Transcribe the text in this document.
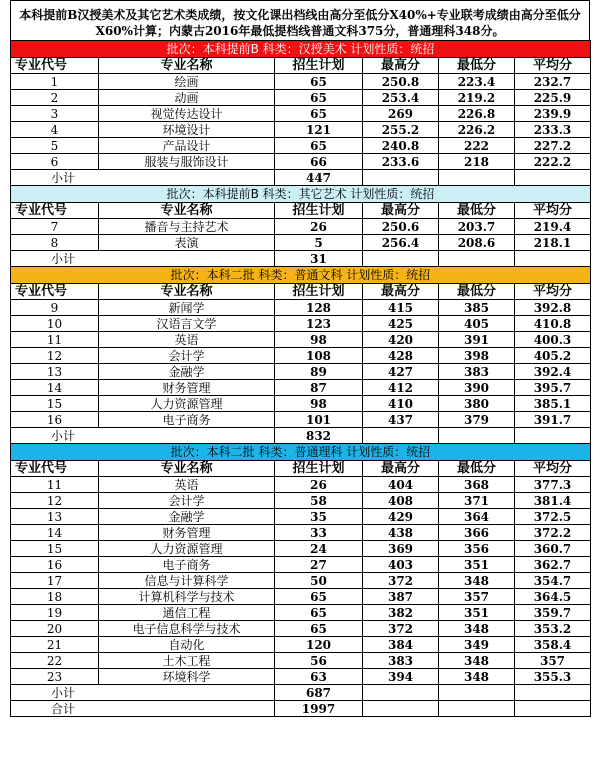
本科提前B汉授美术及其它艺术类成绩，按文化课出档线由高分至低分X40%+专业联考成绩由高分至低分X60%计算；内蒙古2016年最低提档线普通文科375分，普通理科348分。
批次：本科提前B 科类：汉授美术 计划性质：统招					
专业代号	专业名称	招生计划	最高分	最低分	平均分
1	绘画	65	250.8	223.4	232.7
2	动画	65	253.4	219.2	225.9
3	视觉传达设计	65	269	226.8	239.9
4	环境设计	121	255.2	226.2	233.3
5	产品设计	65	240.8	222	227.2
6	服装与服饰设计	66	233.6	218	222.2
小计		447			
批次：本科提前B 科类：其它艺术 计划性质：统招					
专业代号	专业名称	招生计划	最高分	最低分	平均分
7	播音与主持艺术	26	250.6	203.7	219.4
8	表演	5	256.4	208.6	218.1
小计		31			
批次：本科二批 科类：普通文科 计划性质：统招					
专业代号	专业名称	招生计划	最高分	最低分	平均分
9	新闻学	128	415	385	392.8
10	汉语言文学	123	425	405	410.8
11	英语	98	420	391	400.3
12	会计学	108	428	398	405.2
13	金融学	89	427	383	392.4
14	财务管理	87	412	390	395.7
15	人力资源管理	98	410	380	385.1
16	电子商务	101	437	379	391.7
小计		832			
批次：本科二批 科类：普通理科 计划性质：统招					
专业代号	专业名称	招生计划	最高分	最低分	平均分
11	英语	26	404	368	377.3
12	会计学	58	408	371	381.4
13	金融学	35	429	364	372.5
14	财务管理	33	438	366	372.2
15	人力资源管理	24	369	356	360.7
16	电子商务	27	403	351	362.7
17	信息与计算科学	50	372	348	354.7
18	计算机科学与技术	65	387	357	364.5
19	通信工程	65	382	351	359.7
20	电子信息科学与技术	65	372	348	353.2
21	自动化	120	384	349	358.4
22	土木工程	56	383	348	357
23	环境科学	63	394	348	355.3
小计		687			
合计		1997			
